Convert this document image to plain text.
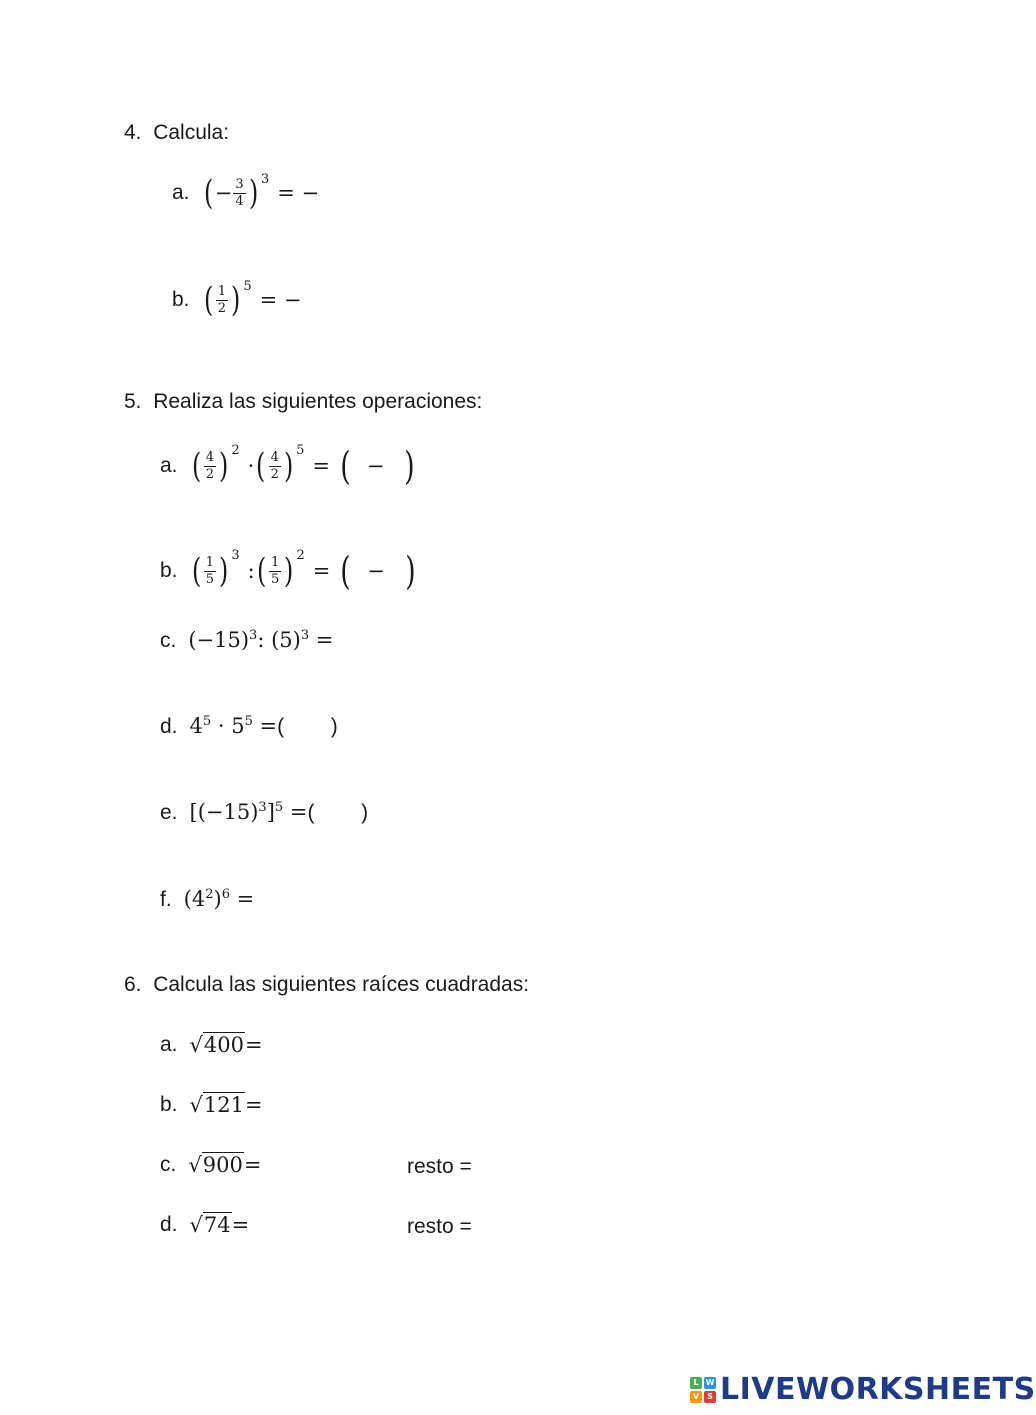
4. Calcula:
a. ( − $\frac{3}{4}$ ) 3
= −
b. ( $\frac{1}{2}$ ) 5
= −
5. Realiza las siguientes operaciones:
a. ( $\frac{4}{2}$ ) 2
· ( $\frac{4}{2}$ ) 5
= ( − )
b. ( $\frac{1}{5}$ ) 3
: ( $\frac{1}{5}$ ) 2
= ( − )
c. $(-15)^3$: $(5)^3$ =
d. $4^5 \cdot 5^5$ = (        )
e. $[(-15)^3]^5$ = (        )
f. $(4^2)^6$ =
6. Calcula las siguientes raíces cuadradas:
a. √ 400 =
b. √ 121 =
c. √ 900 =	resto =
d. √ 74 =	resto =
L W
V	S LIVEWORKSHEETS
